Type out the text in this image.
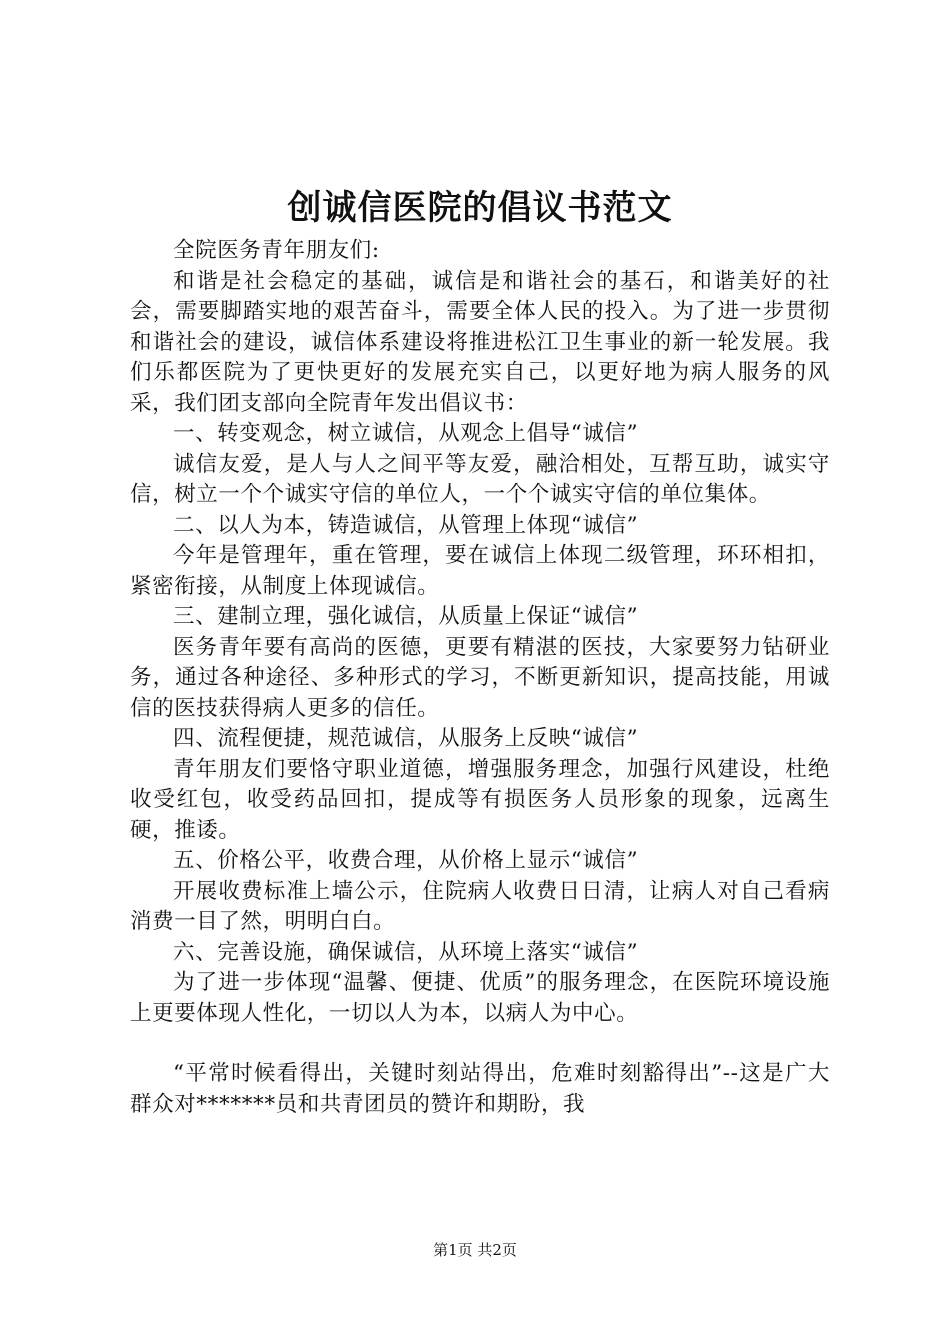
创诚信医院的倡议书范文

全院医务青年朋友们:

和谐是社会稳定的基础，诚信是和谐社会的基石，和谐美好的社会，需要脚踏实地的艰苦奋斗，需要全体人民的投入。为了进一步贯彻和谐社会的建设，诚信体系建设将推进松江卫生事业的新一轮发展。我们乐都医院为了更快更好的发展充实自己，以更好地为病人服务的风采，我们团支部向全院青年发出倡议书：

一、转变观念，树立诚信，从观念上倡导“诚信”

诚信友爱，是人与人之间平等友爱，融洽相处，互帮互助，诚实守信，树立一个个诚实守信的单位人，一个个诚实守信的单位集体。

二、以人为本，铸造诚信，从管理上体现“诚信”

今年是管理年，重在管理，要在诚信上体现二级管理，环环相扣，紧密衔接，从制度上体现诚信。

三、建制立理，强化诚信，从质量上保证“诚信”

医务青年要有高尚的医德，更要有精湛的医技，大家要努力钻研业务，通过各种途径、多种形式的学习，不断更新知识，提高技能，用诚信的医技获得病人更多的信任。

四、流程便捷，规范诚信，从服务上反映“诚信”

青年朋友们要恪守职业道德，增强服务理念，加强行风建设，杜绝收受红包，收受药品回扣，提成等有损医务人员形象的现象，远离生硬，推诿。

五、价格公平，收费合理，从价格上显示“诚信”

开展收费标准上墙公示，住院病人收费日日清，让病人对自己看病消费一目了然，明明白白。

六、完善设施，确保诚信，从环境上落实“诚信”

为了进一步体现“温馨、便捷、优质”的服务理念，在医院环境设施上更要体现人性化，一切以人为本，以病人为中心。

“平常时候看得出，关键时刻站得出，危难时刻豁得出”--这是广大群众对*******员和共青团员的赞许和期盼，我

第1页 共2页
